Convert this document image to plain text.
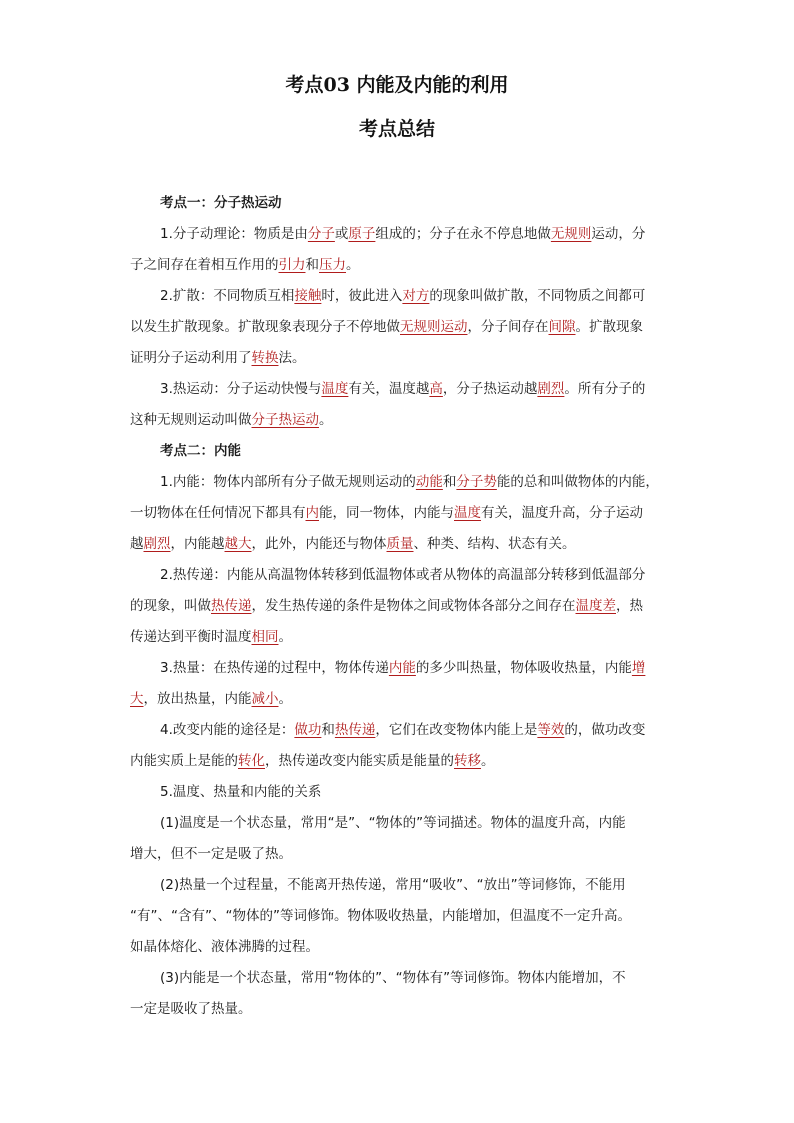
考点03 内能及内能的利用
考点总结
考点一：分子热运动
1.分子动理论：物质是由分子或原子组成的；分子在永不停息地做无规则运动，分
子之间存在着相互作用的引力和压力。
2.扩散：不同物质互相接触时，彼此进入对方的现象叫做扩散，不同物质之间都可
以发生扩散现象。扩散现象表现分子不停地做无规则运动，分子间存在间隙。扩散现象
证明分子运动利用了转换法。
3.热运动：分子运动快慢与温度有关，温度越高，分子热运动越剧烈。所有分子的
这种无规则运动叫做分子热运动。
考点二：内能
1.内能：物体内部所有分子做无规则运动的动能和分子势能的总和叫做物体的内能，
一切物体在任何情况下都具有内能，同一物体，内能与温度有关，温度升高，分子运动
越剧烈，内能越越大，此外，内能还与物体质量、种类、结构、状态有关。
2.热传递：内能从高温物体转移到低温物体或者从物体的高温部分转移到低温部分
的现象，叫做热传递，发生热传递的条件是物体之间或物体各部分之间存在温度差，热
传递达到平衡时温度相同。
3.热量：在热传递的过程中，物体传递内能的多少叫热量，物体吸收热量，内能增
大，放出热量，内能减小。
4.改变内能的途径是：做功和热传递，它们在改变物体内能上是等效的，做功改变
内能实质上是能的转化，热传递改变内能实质是能量的转移。
5.温度、热量和内能的关系
(1)温度是一个状态量，常用“是”、“物体的”等词描述。物体的温度升高，内能
增大，但不一定是吸了热。
(2)热量一个过程量，不能离开热传递，常用“吸收”、“放出”等词修饰，不能用
“有”、“含有”、“物体的”等词修饰。物体吸收热量，内能增加，但温度不一定升高。
如晶体熔化、液体沸腾的过程。
(3)内能是一个状态量，常用“物体的”、“物体有”等词修饰。物体内能增加，不
一定是吸收了热量。
